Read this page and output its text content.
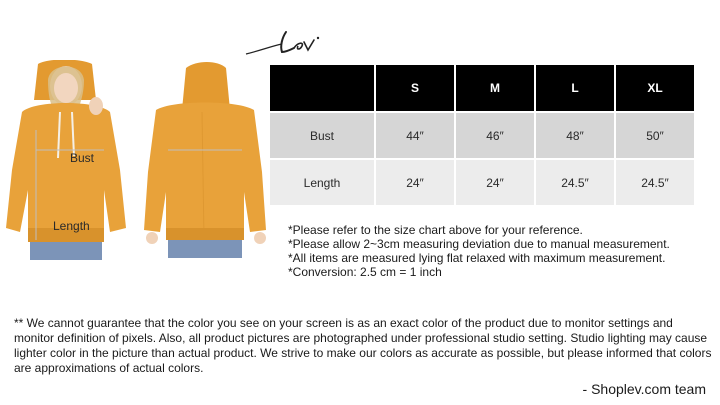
Bust
Length
	S	M	L	XL
Bust	44″	46″	48″	50″
Length	24″	24″	24.5″	24.5″
*Please refer to the size chart above for your reference.
*Please allow 2~3cm measuring deviation due to manual measurement.
*All items are measured lying flat relaxed with maximum measurement.
*Conversion: 2.5 cm = 1 inch
** We cannot guarantee that the color you see on your screen is as an exact color of the product due to monitor settings and monitor definition of pixels. Also, all product pictures are photographed under professional studio setting. Studio lighting may cause lighter color in the picture than actual product. We strive to make our colors as accurate as possible, but please informed that colors are approximations of actual colors.
- Shoplev.com team
